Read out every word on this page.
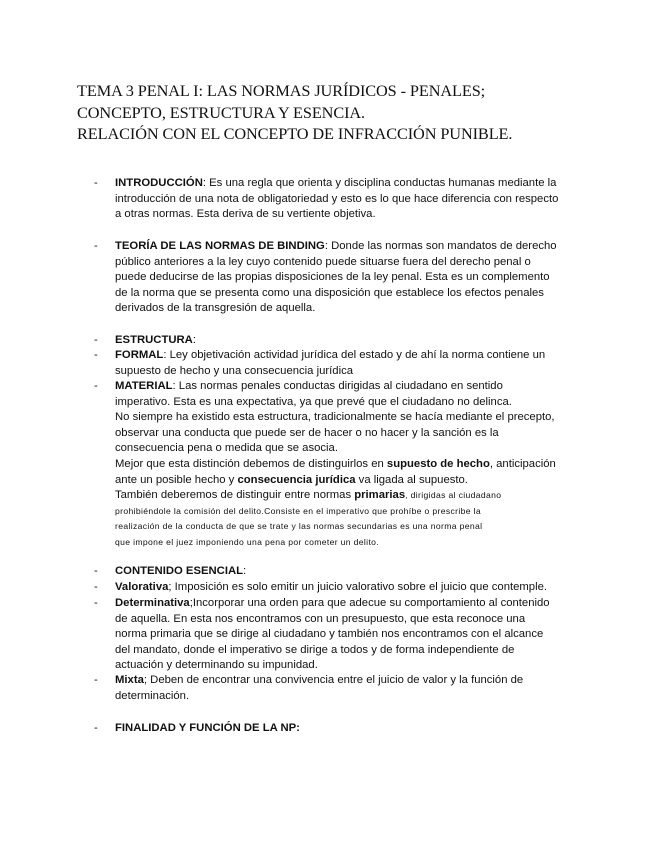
TEMA 3 PENAL I: LAS NORMAS JURÍDICOS - PENALES;
CONCEPTO, ESTRUCTURA Y ESENCIA.
RELACIÓN CON EL CONCEPTO DE INFRACCIÓN PUNIBLE.
- INTRODUCCIÓN: Es una regla que orienta y disciplina conductas humanas mediante la
introducción de una nota de obligatoriedad y esto es lo que hace diferencia con respecto
a otras normas. Esta deriva de su vertiente objetiva.
- TEORÍA DE LAS NORMAS DE BINDING: Donde las normas son mandatos de derecho
público anteriores a la ley cuyo contenido puede situarse fuera del derecho penal o
puede deducirse de las propias disposiciones de la ley penal. Esta es un complemento
de la norma que se presenta como una disposición que establece los efectos penales
derivados de la transgresión de aquella.
- ESTRUCTURA:
- FORMAL: Ley objetivación actividad jurídica del estado y de ahí la norma contiene un
supuesto de hecho y una consecuencia jurídica
- MATERIAL: Las normas penales conductas dirigidas al ciudadano en sentido
imperativo. Esta es una expectativa, ya que prevé que el ciudadano no delinca.
No siempre ha existido esta estructura, tradicionalmente se hacía mediante el precepto,
observar una conducta que puede ser de hacer o no hacer y la sanción es la
consecuencia pena o medida que se asocia.
Mejor que esta distinción debemos de distinguirlos en supuesto de hecho, anticipación
ante un posible hecho y consecuencia jurídica va ligada al supuesto.
También deberemos de distinguir entre normas primarias, dirigidas al ciudadano
prohibiéndole la comisión del delito.Consiste en el imperativo que prohíbe o prescribe la
realización de la conducta de que se trate y las normas secundarias es una norma penal
que impone el juez imponiendo una pena por cometer un delito.
- CONTENIDO ESENCIAL:
- Valorativa; Imposición es solo emitir un juicio valorativo sobre el juicio que contemple.
- Determinativa;Incorporar una orden para que adecue su comportamiento al contenido
de aquella. En esta nos encontramos con un presupuesto, que esta reconoce una
norma primaria que se dirige al ciudadano y también nos encontramos con el alcance
del mandato, donde el imperativo se dirige a todos y de forma independiente de
actuación y determinando su impunidad.
- Mixta; Deben de encontrar una convivencia entre el juicio de valor y la función de
determinación.
- FINALIDAD Y FUNCIÓN DE LA NP:
